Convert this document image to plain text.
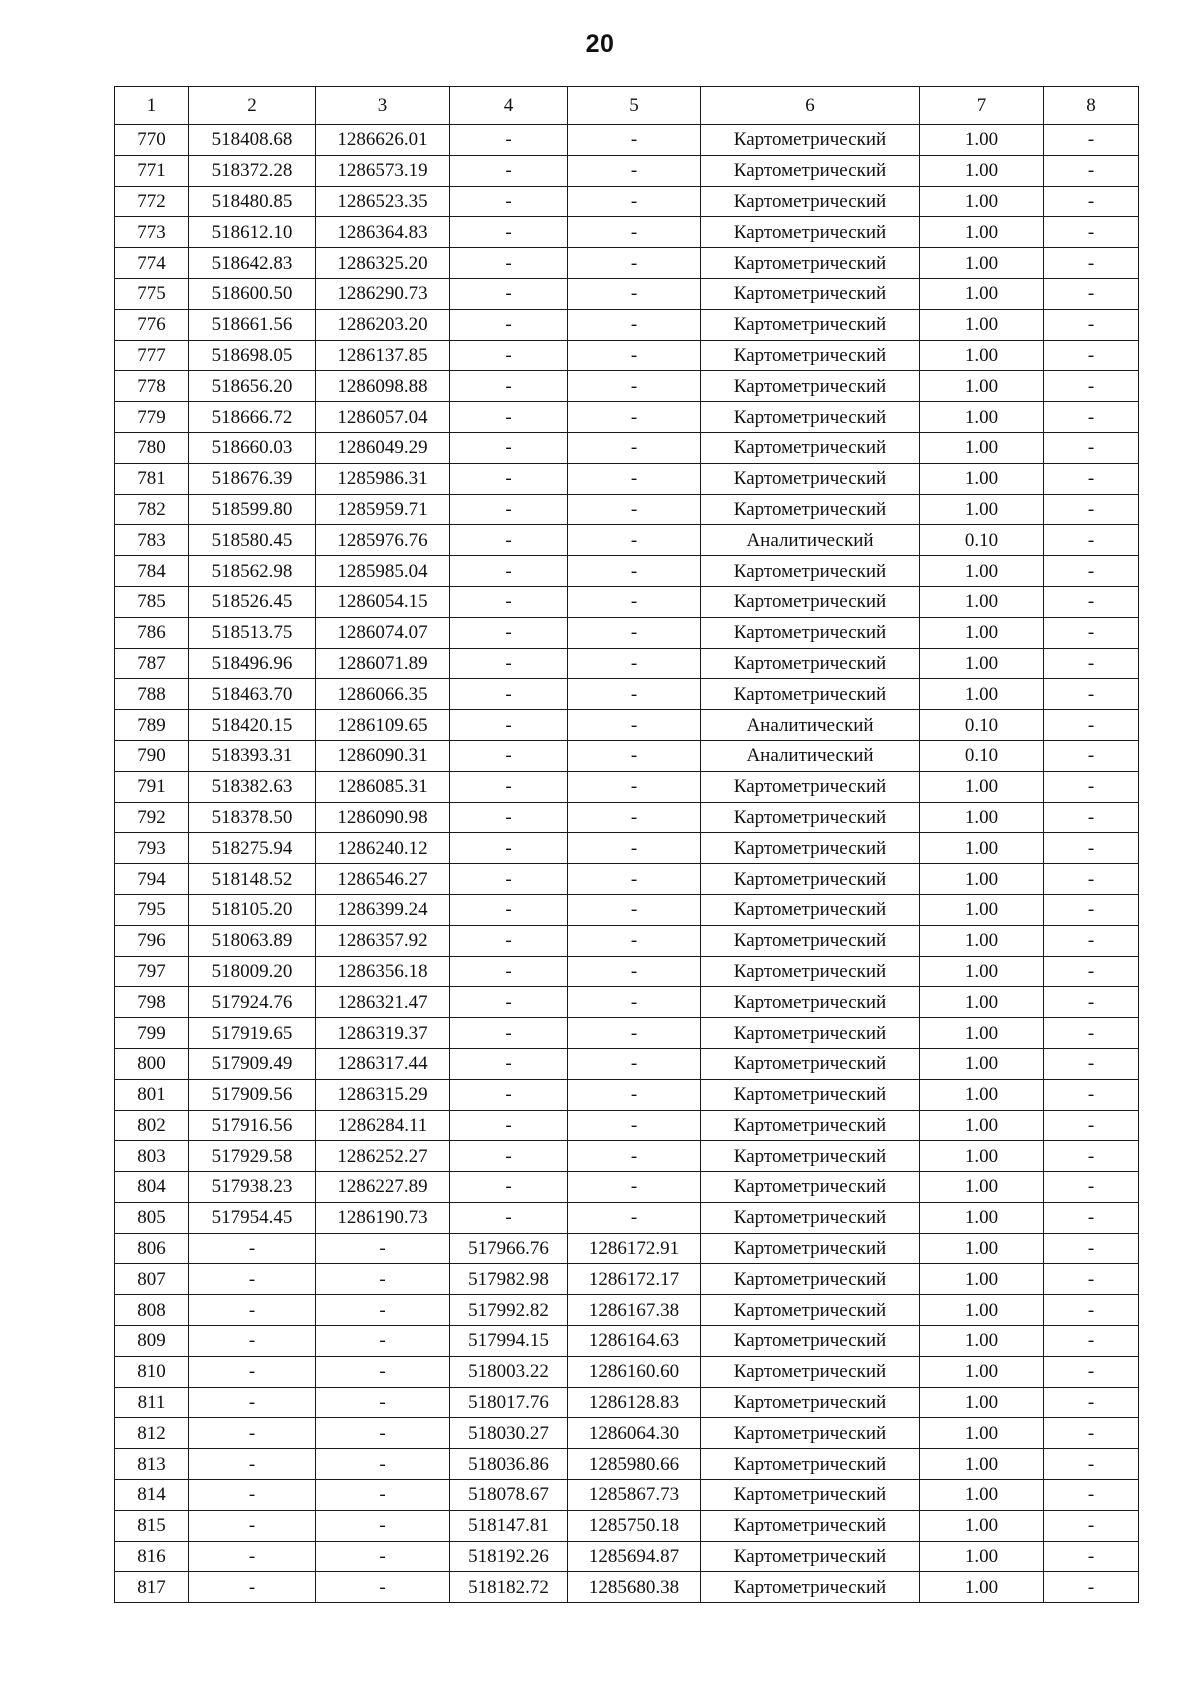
20
1	2	3	4	5	6	7	8
770	518408.68	1286626.01	-	-	Картометрический	1.00	-
771	518372.28	1286573.19	-	-	Картометрический	1.00	-
772	518480.85	1286523.35	-	-	Картометрический	1.00	-
773	518612.10	1286364.83	-	-	Картометрический	1.00	-
774	518642.83	1286325.20	-	-	Картометрический	1.00	-
775	518600.50	1286290.73	-	-	Картометрический	1.00	-
776	518661.56	1286203.20	-	-	Картометрический	1.00	-
777	518698.05	1286137.85	-	-	Картометрический	1.00	-
778	518656.20	1286098.88	-	-	Картометрический	1.00	-
779	518666.72	1286057.04	-	-	Картометрический	1.00	-
780	518660.03	1286049.29	-	-	Картометрический	1.00	-
781	518676.39	1285986.31	-	-	Картометрический	1.00	-
782	518599.80	1285959.71	-	-	Картометрический	1.00	-
783	518580.45	1285976.76	-	-	Аналитический	0.10	-
784	518562.98	1285985.04	-	-	Картометрический	1.00	-
785	518526.45	1286054.15	-	-	Картометрический	1.00	-
786	518513.75	1286074.07	-	-	Картометрический	1.00	-
787	518496.96	1286071.89	-	-	Картометрический	1.00	-
788	518463.70	1286066.35	-	-	Картометрический	1.00	-
789	518420.15	1286109.65	-	-	Аналитический	0.10	-
790	518393.31	1286090.31	-	-	Аналитический	0.10	-
791	518382.63	1286085.31	-	-	Картометрический	1.00	-
792	518378.50	1286090.98	-	-	Картометрический	1.00	-
793	518275.94	1286240.12	-	-	Картометрический	1.00	-
794	518148.52	1286546.27	-	-	Картометрический	1.00	-
795	518105.20	1286399.24	-	-	Картометрический	1.00	-
796	518063.89	1286357.92	-	-	Картометрический	1.00	-
797	518009.20	1286356.18	-	-	Картометрический	1.00	-
798	517924.76	1286321.47	-	-	Картометрический	1.00	-
799	517919.65	1286319.37	-	-	Картометрический	1.00	-
800	517909.49	1286317.44	-	-	Картометрический	1.00	-
801	517909.56	1286315.29	-	-	Картометрический	1.00	-
802	517916.56	1286284.11	-	-	Картометрический	1.00	-
803	517929.58	1286252.27	-	-	Картометрический	1.00	-
804	517938.23	1286227.89	-	-	Картометрический	1.00	-
805	517954.45	1286190.73	-	-	Картометрический	1.00	-
806	-	-	517966.76	1286172.91	Картометрический	1.00	-
807	-	-	517982.98	1286172.17	Картометрический	1.00	-
808	-	-	517992.82	1286167.38	Картометрический	1.00	-
809	-	-	517994.15	1286164.63	Картометрический	1.00	-
810	-	-	518003.22	1286160.60	Картометрический	1.00	-
811	-	-	518017.76	1286128.83	Картометрический	1.00	-
812	-	-	518030.27	1286064.30	Картометрический	1.00	-
813	-	-	518036.86	1285980.66	Картометрический	1.00	-
814	-	-	518078.67	1285867.73	Картометрический	1.00	-
815	-	-	518147.81	1285750.18	Картометрический	1.00	-
816	-	-	518192.26	1285694.87	Картометрический	1.00	-
817	-	-	518182.72	1285680.38	Картометрический	1.00	-
